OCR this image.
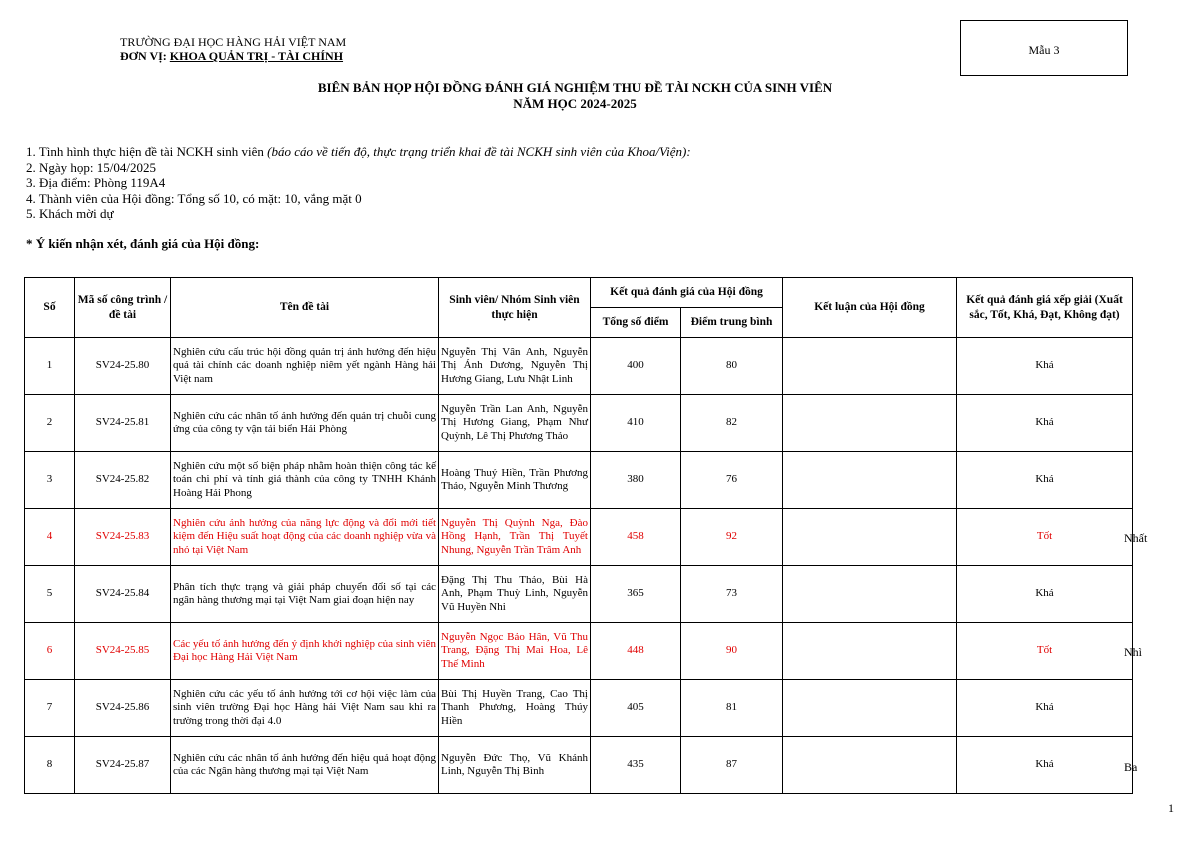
TRƯỜNG ĐẠI HỌC HÀNG HẢI VIỆT NAM
ĐƠN VỊ: KHOA QUẢN TRỊ - TÀI CHÍNH	Mẫu 3
BIÊN BẢN HỌP HỘI ĐỒNG ĐÁNH GIÁ NGHIỆM THU ĐỀ TÀI NCKH CỦA SINH VIÊN
NĂM HỌC 2024-2025
1. Tình hình thực hiện đề tài NCKH sinh viên (báo cáo về tiến độ, thực trạng triển khai đề tài NCKH sinh viên của Khoa/Viện):
2. Ngày họp: 15/04/2025
3. Địa điểm: Phòng 119A4
4. Thành viên của Hội đồng: Tổng số 10, có mặt: 10, vắng mặt 0
5. Khách mời dự
* Ý kiến nhận xét, đánh giá của Hội đồng:
Số	Mã số công trình / đề tài	Tên đề tài	Sinh viên/ Nhóm Sinh viên thực hiện	Kết quả đánh giá của Hội đồng		Kết luận của Hội đồng	Kết quả đánh giá xếp giải (Xuất sắc, Tốt, Khá, Đạt, Không đạt)
				Tổng số điểm	Điểm trung bình		
1	SV24-25.80	Nghiên cứu cấu trúc hội đồng quản trị ảnh hưởng đến hiệu quả tài chính các doanh nghiệp niêm yết ngành Hàng hải Việt nam	Nguyễn Thị Vân Anh, Nguyễn Thị Ánh Dương, Nguyễn Thị Hương Giang, Lưu Nhật Linh	400	80		Khá
2	SV24-25.81	Nghiên cứu các nhân tố ảnh hưởng đến quản trị chuỗi cung ứng của công ty vận tải biển Hải Phòng	Nguyễn Trần Lan Anh, Nguyễn Thị Hương Giang, Phạm Như Quỳnh, Lê Thị Phương Thảo	410	82		Khá
3	SV24-25.82	Nghiên cứu một số biện pháp nhằm hoàn thiện công tác kế toán chi phí và tính giá thành của công ty TNHH Khánh Hoàng Hải Phong	Hoàng Thuý Hiền, Trần Phương Thảo, Nguyễn Minh Thương	380	76		Khá
4	SV24-25.83	Nghiên cứu ảnh hưởng của năng lực động và đổi mới tiết kiệm đến Hiệu suất hoạt động của các doanh nghiệp vừa và nhỏ tại Việt Nam	Nguyễn Thị Quỳnh Nga, Đào Hồng Hạnh, Trần Thị Tuyết Nhung, Nguyễn Trần Trâm Anh	458	92		Tốt
5	SV24-25.84	Phân tích thực trạng và giải pháp chuyển đổi số tại các ngân hàng thương mại tại Việt Nam giai đoạn hiện nay	Đặng Thị Thu Thảo, Bùi Hà Anh, Phạm Thuỳ Linh, Nguyễn Vũ Huyền Nhi	365	73		Khá
6	SV24-25.85	Các yếu tố ảnh hưởng đến ý định khởi nghiệp của sinh viên Đại học Hàng Hải Việt Nam	Nguyễn Ngọc Bảo Hân, Vũ Thu Trang, Đặng Thị Mai Hoa, Lê Thế Minh	448	90		Tốt
7	SV24-25.86	Nghiên cứu các yếu tố ảnh hưởng tới cơ hội việc làm của sinh viên trường Đại học Hàng hải Việt Nam sau khi ra trường trong thời đại 4.0	Bùi Thị Huyền Trang, Cao Thị Thanh Phương, Hoàng Thúy Hiền	405	81		Khá
8	SV24-25.87	Nghiên cứu các nhân tố ảnh hưởng đến hiệu quả hoạt động của các Ngân hàng thương mại tại Việt Nam	Nguyễn Đức Thọ, Vũ Khánh Linh, Nguyễn Thị Bình	435	87		Khá
Nhất
Nhì
Ba
1
